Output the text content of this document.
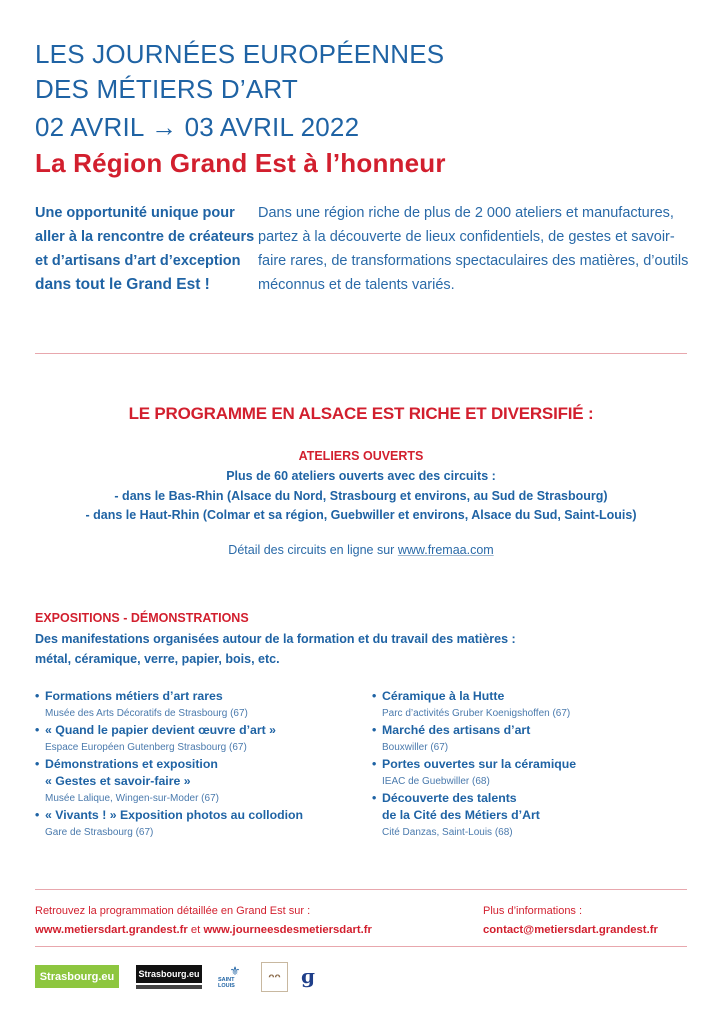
LES JOURNÉES EUROPÉENNES
DES MÉTIERS D’ART
02 AVRIL → 03 AVRIL 2022
La Région Grand Est à l’honneur
Une opportunité unique pour aller à la rencontre de créateurs et d’artisans d’art d’exception dans tout le Grand Est !
Dans une région riche de plus de 2 000 ateliers et manufactures, partez à la découverte de lieux confidentiels, de gestes et savoir-faire rares, de transformations spectaculaires des matières, d’outils méconnus et de talents variés.
LE PROGRAMME EN ALSACE EST RICHE ET DIVERSIFIÉ :
ATELIERS OUVERTS
Plus de 60 ateliers ouverts avec des circuits :
- dans le Bas-Rhin (Alsace du Nord, Strasbourg et environs, au Sud de Strasbourg)
- dans le Haut-Rhin (Colmar et sa région, Guebwiller et environs, Alsace du Sud, Saint-Louis)
Détail des circuits en ligne sur www.fremaa.com
EXPOSITIONS - DÉMONSTRATIONS
Des manifestations organisées autour de la formation et du travail des matières :
métal, céramique, verre, papier, bois, etc.
• Formations métiers d’art rares
Musée des Arts Décoratifs de Strasbourg (67)
• « Quand le papier devient œuvre d’art »
Espace Européen Gutenberg Strasbourg (67)
• Démonstrations et exposition
« Gestes et savoir-faire »
Musée Lalique, Wingen-sur-Moder (67)
• « Vivants ! » Exposition photos au collodion
Gare de Strasbourg (67)
• Céramique à la Hutte
Parc d’activités Gruber Koenigshoffen (67)
• Marché des artisans d’art
Bouxwiller (67)
• Portes ouvertes sur la céramique
IEAC de Guebwiller (68)
• Découverte des talents
de la Cité des Métiers d’Art
Cité Danzas, Saint-Louis (68)
Retrouvez la programmation détaillée en Grand Est sur :
www.metiersdart.grandest.fr et www.journeesdesmetiersdart.fr
Plus d’informations :
contact@metiersdart.grandest.fr
Strasbourg.eu	Strasbourg.eu	⚜
SAINT LOUIS
ᴖᴖ ɡ
